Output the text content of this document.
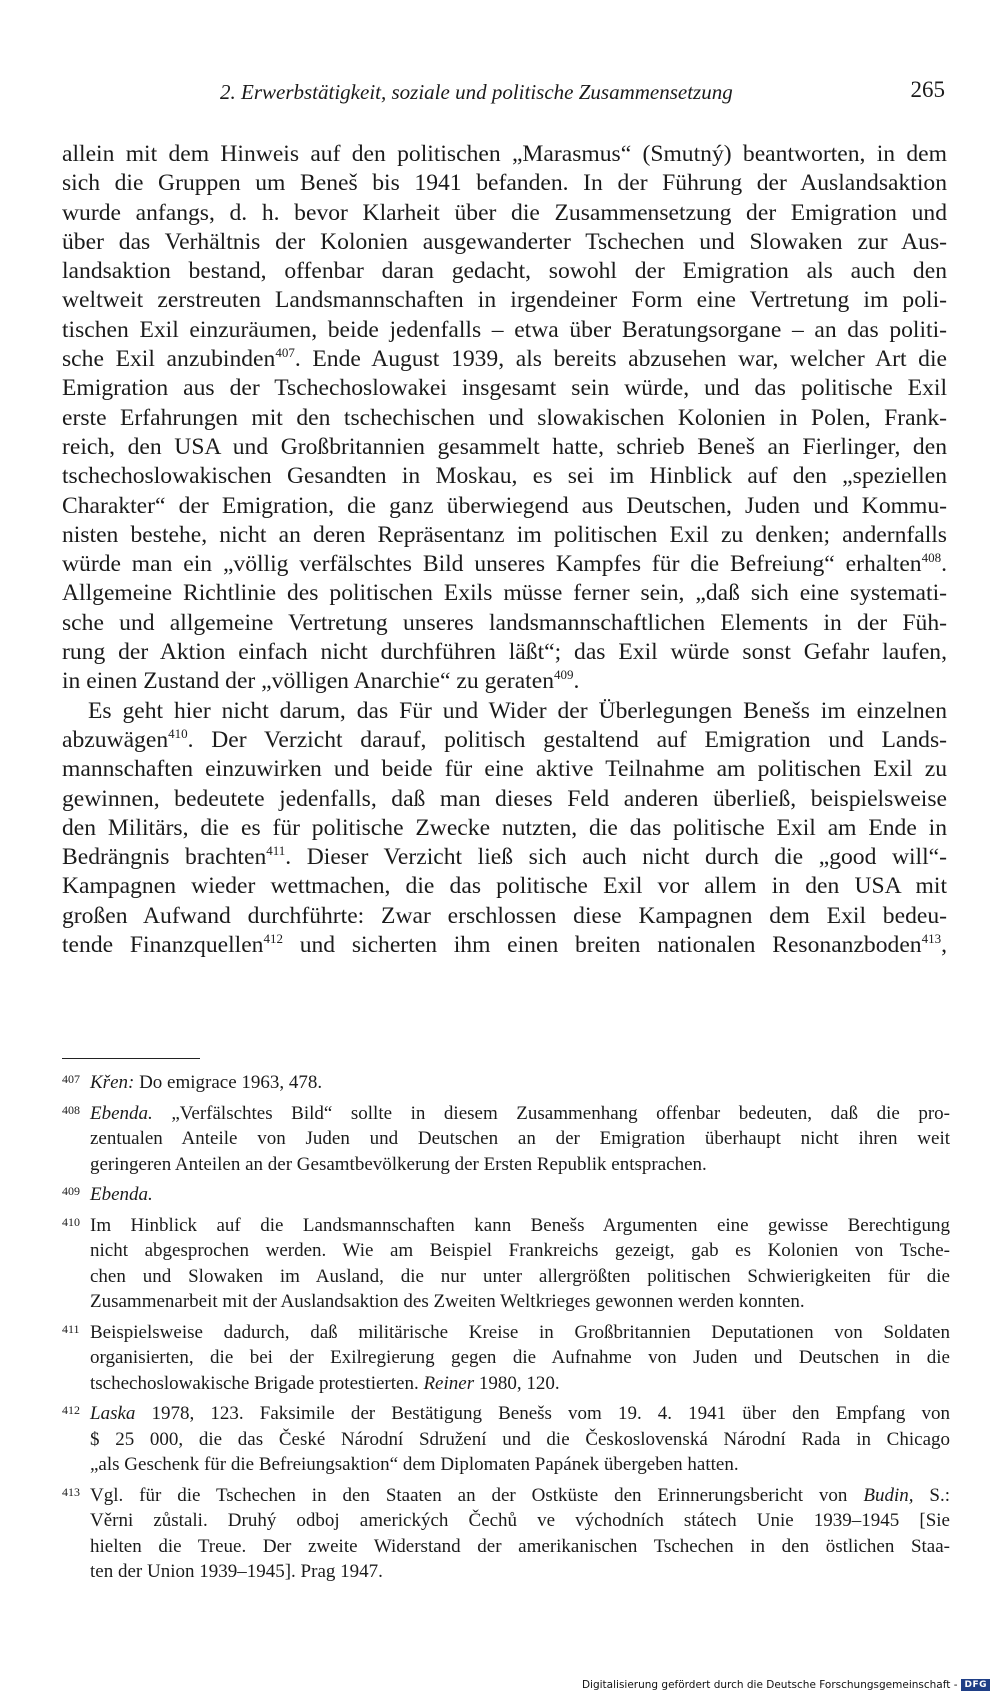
2. Erwerbstätigkeit, soziale und politische Zusammensetzung	265
allein mit dem Hinweis auf den politischen „Marasmus“ (Smutný) beantworten, in dem
sich die Gruppen um Beneš bis 1941 befanden. In der Führung der Auslandsaktion
wurde anfangs, d. h. bevor Klarheit über die Zusammensetzung der Emigration und
über das Verhältnis der Kolonien ausgewanderter Tschechen und Slowaken zur Aus-
landsaktion bestand, offenbar daran gedacht, sowohl der Emigration als auch den
weltweit zerstreuten Landsmannschaften in irgendeiner Form eine Vertretung im poli-
tischen Exil einzuräumen, beide jedenfalls – etwa über Beratungsorgane – an das politi-
sche Exil anzubinden$^{407}$. Ende August 1939, als bereits abzusehen war, welcher Art die
Emigration aus der Tschechoslowakei insgesamt sein würde, und das politische Exil
erste Erfahrungen mit den tschechischen und slowakischen Kolonien in Polen, Frank-
reich, den USA und Großbritannien gesammelt hatte, schrieb Beneš an Fierlinger, den
tschechoslowakischen Gesandten in Moskau, es sei im Hinblick auf den „speziellen
Charakter“ der Emigration, die ganz überwiegend aus Deutschen, Juden und Kommu-
nisten bestehe, nicht an deren Repräsentanz im politischen Exil zu denken; andernfalls
würde man ein „völlig verfälschtes Bild unseres Kampfes für die Befreiung“ erhalten$^{408}$.
Allgemeine Richtlinie des politischen Exils müsse ferner sein, „daß sich eine systemati-
sche und allgemeine Vertretung unseres landsmannschaftlichen Elements in der Füh-
rung der Aktion einfach nicht durchführen läßt“; das Exil würde sonst Gefahr laufen,
in einen Zustand der „völligen Anarchie“ zu geraten$^{409}$.
Es geht hier nicht darum, das Für und Wider der Überlegungen Benešs im einzelnen
abzuwägen$^{410}$. Der Verzicht darauf, politisch gestaltend auf Emigration und Lands-
mannschaften einzuwirken und beide für eine aktive Teilnahme am politischen Exil zu
gewinnen, bedeutete jedenfalls, daß man dieses Feld anderen überließ, beispielsweise
den Militärs, die es für politische Zwecke nutzten, die das politische Exil am Ende in
Bedrängnis brachten$^{411}$. Dieser Verzicht ließ sich auch nicht durch die „good will“-
Kampagnen wieder wettmachen, die das politische Exil vor allem in den USA mit
großen Aufwand durchführte: Zwar erschlossen diese Kampagnen dem Exil bedeu-
tende Finanzquellen$^{412}$ und sicherten ihm einen breiten nationalen Resonanzboden$^{413}$,
407 Křen: Do emigrace 1963, 478.
408 Ebenda. „Verfälschtes Bild“ sollte in diesem Zusammenhang offenbar bedeuten, daß die pro-
zentualen Anteile von Juden und Deutschen an der Emigration überhaupt nicht ihren weit
geringeren Anteilen an der Gesamtbevölkerung der Ersten Republik entsprachen.
409 Ebenda.
410 Im Hinblick auf die Landsmannschaften kann Benešs Argumenten eine gewisse Berechtigung
nicht abgesprochen werden. Wie am Beispiel Frankreichs gezeigt, gab es Kolonien von Tsche-
chen und Slowaken im Ausland, die nur unter allergrößten politischen Schwierigkeiten für die
Zusammenarbeit mit der Auslandsaktion des Zweiten Weltkrieges gewonnen werden konnten.
411 Beispielsweise dadurch, daß militärische Kreise in Großbritannien Deputationen von Soldaten
organisierten, die bei der Exilregierung gegen die Aufnahme von Juden und Deutschen in die
tschechoslowakische Brigade protestierten. Reiner 1980, 120.
412 Laska 1978, 123. Faksimile der Bestätigung Benešs vom 19. 4. 1941 über den Empfang von
$ 25 000, die das České Národní Sdružení und die Československá Národní Rada in Chicago
„als Geschenk für die Befreiungsaktion“ dem Diplomaten Papánek übergeben hatten.
413 Vgl. für die Tschechen in den Staaten an der Ostküste den Erinnerungsbericht von Budin, S.:
Věrni zůstali. Druhý odboj amerických Čechů ve východních státech Unie 1939–1945 [Sie
hielten die Treue. Der zweite Widerstand der amerikanischen Tschechen in den östlichen Staa-
ten der Union 1939–1945]. Prag 1947.
Digitalisierung gefördert durch die Deutsche Forschungsgemeinschaft - DFG
